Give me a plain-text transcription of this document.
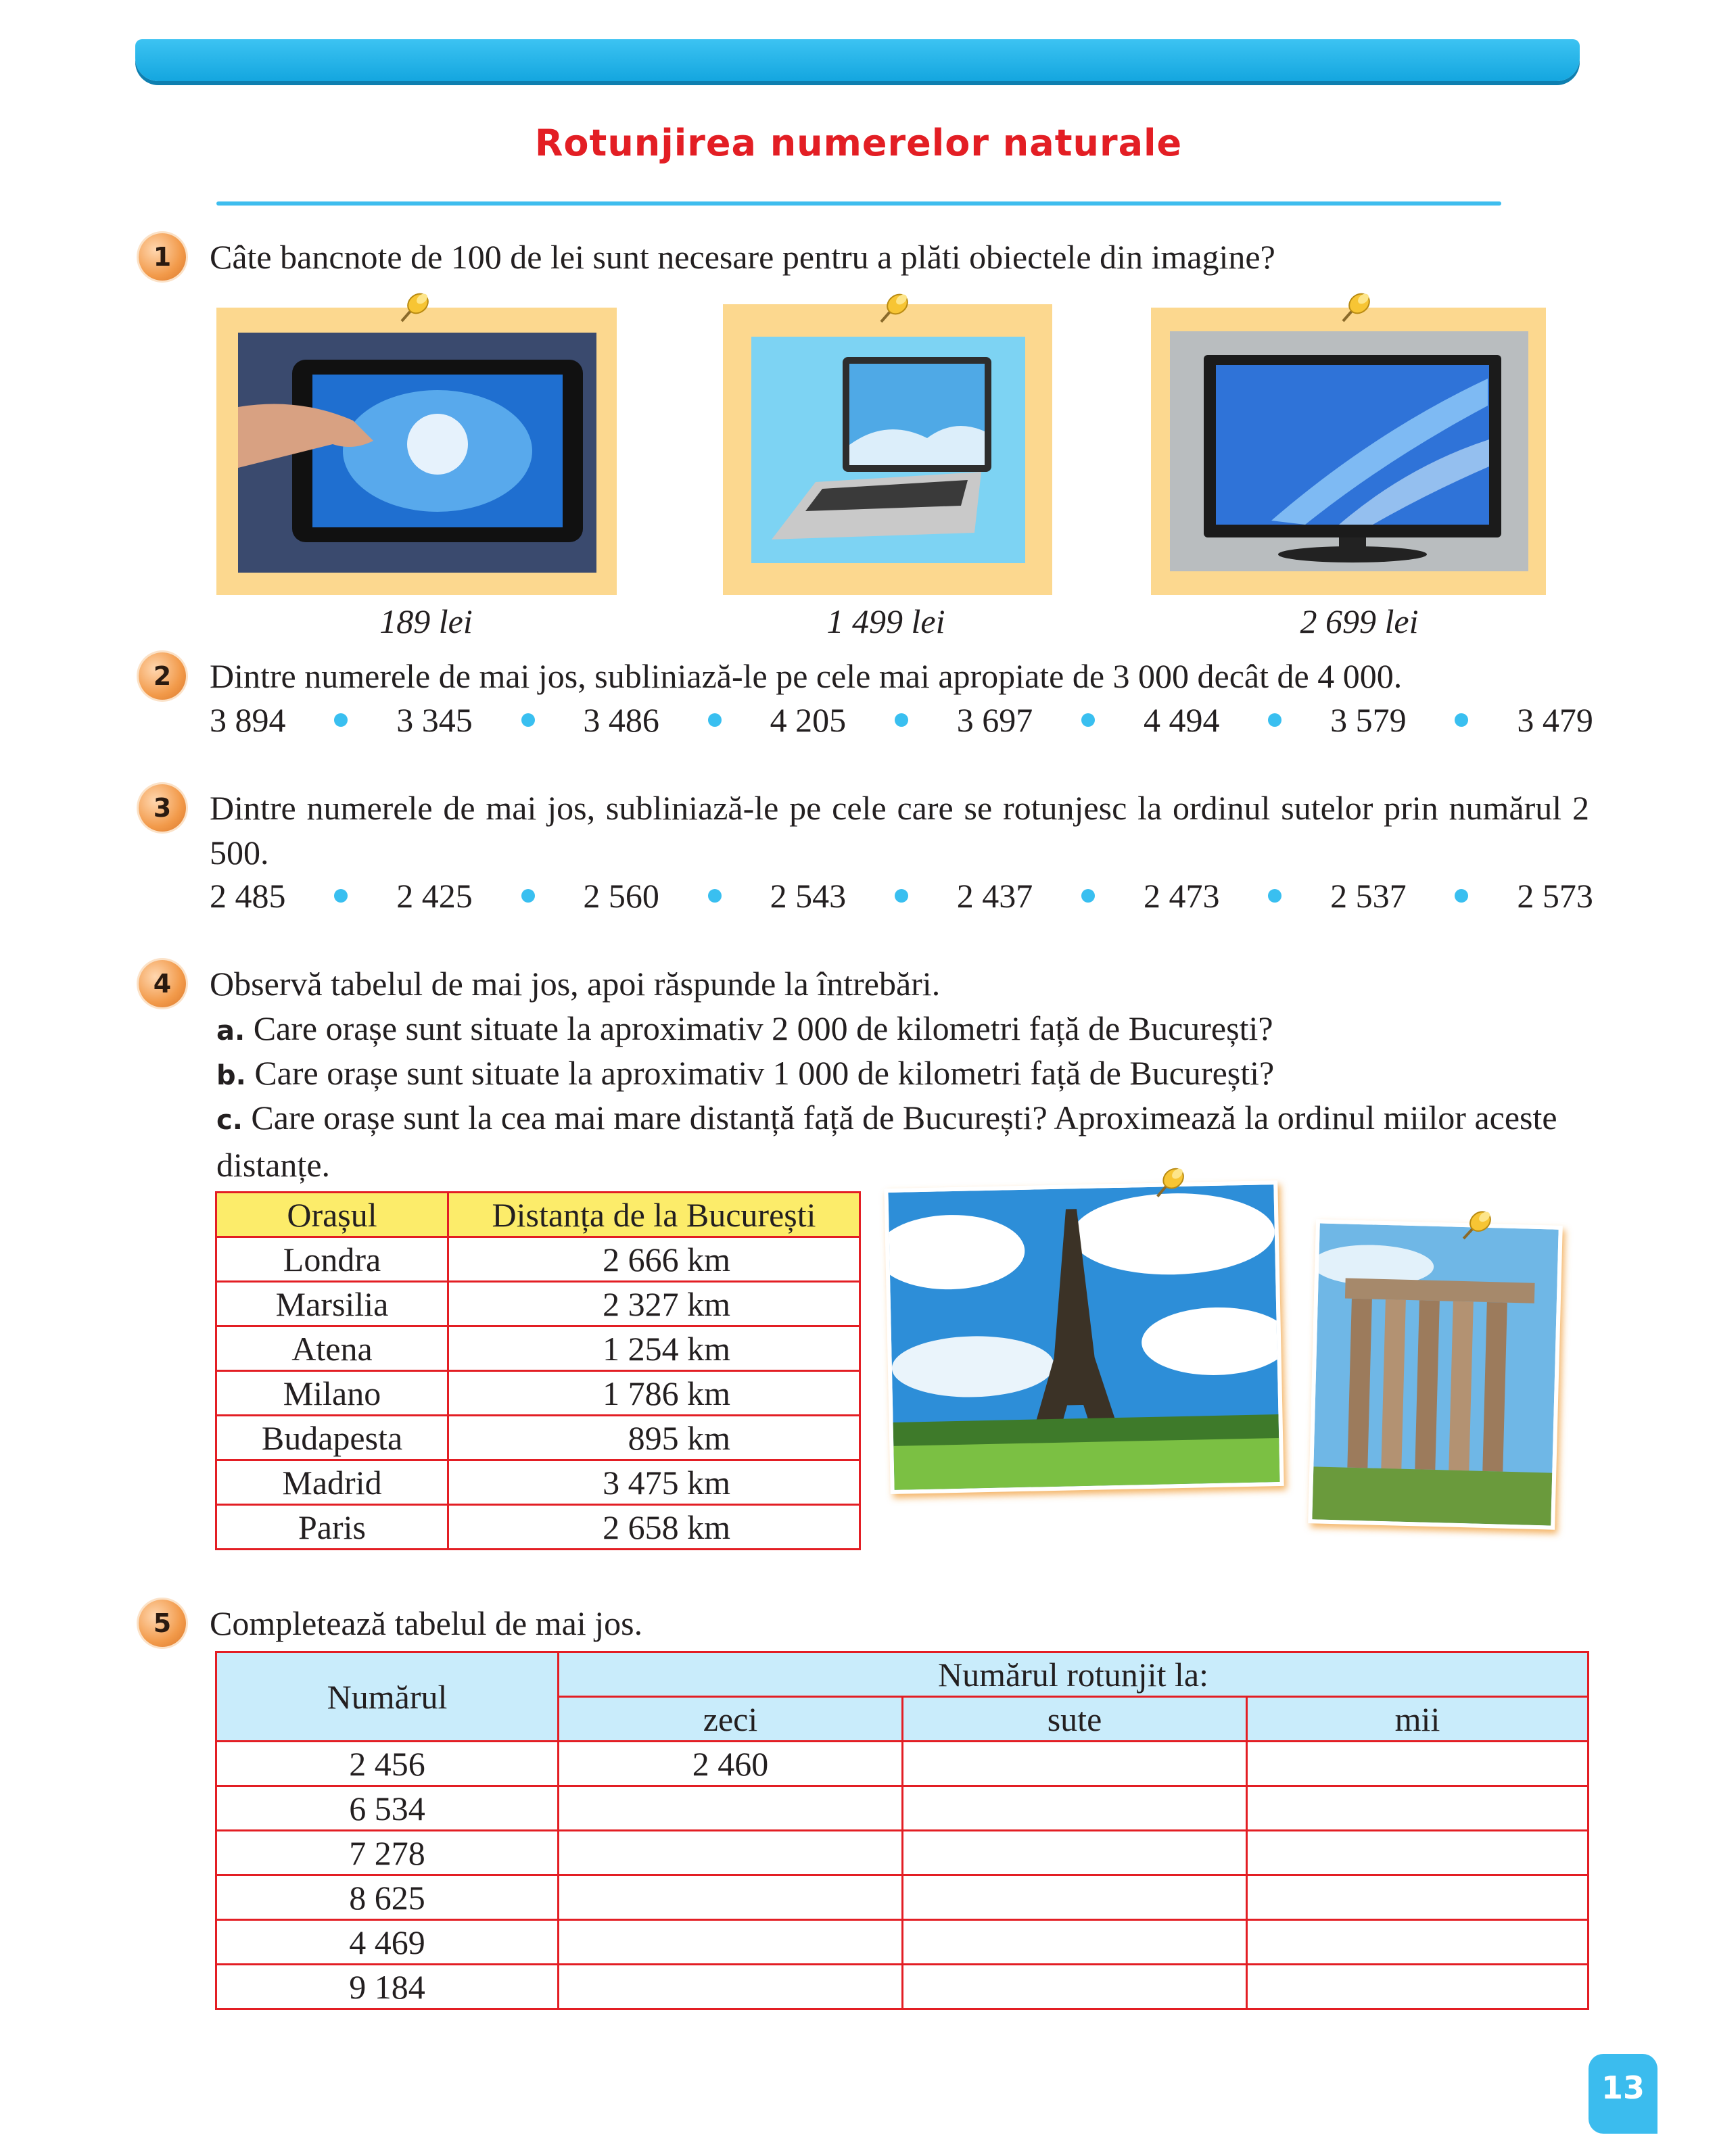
Rotunjirea numerelor naturale
1	Câte bancnote de 100 de lei sunt necesare pentru a plăti obiectele din imagine?
189 lei	1 499 lei	2 699 lei
2	Dintre numerele de mai jos, subliniază-le pe cele mai apropiate de 3 000 decât de 4 000.
3 894	3 345	3 486	4 205	3 697	4 494	3 579	3 479
3	Dintre numerele de mai jos, subliniază-le pe cele care se rotunjesc la ordinul sutelor prin numărul 2 500.
2 485	2 425	2 560	2 543	2 437	2 473	2 537	2 573
4	Observă tabelul de mai jos, apoi răspunde la întrebări.
a. Care orașe sunt situate la aproximativ 2 000 de kilometri față de București?
b. Care orașe sunt situate la aproximativ 1 000 de kilometri față de București?
c. Care orașe sunt la cea mai mare distanță față de București? Aproximează la ordinul miilor aceste distanțe.
Orașul	Distanța de la București
Londra	2 666 km
Marsilia	2 327 km
Atena	1 254 km
Milano	1 786 km
Budapesta	895 km
Madrid	3 475 km
Paris	2 658 km
5	Completează tabelul de mai jos.
Numărul	Numărul rotunjit la:		
	zeci	sute	mii
2 456	2 460		
6 534			
7 278			
8 625			
4 469			
9 184			
13
